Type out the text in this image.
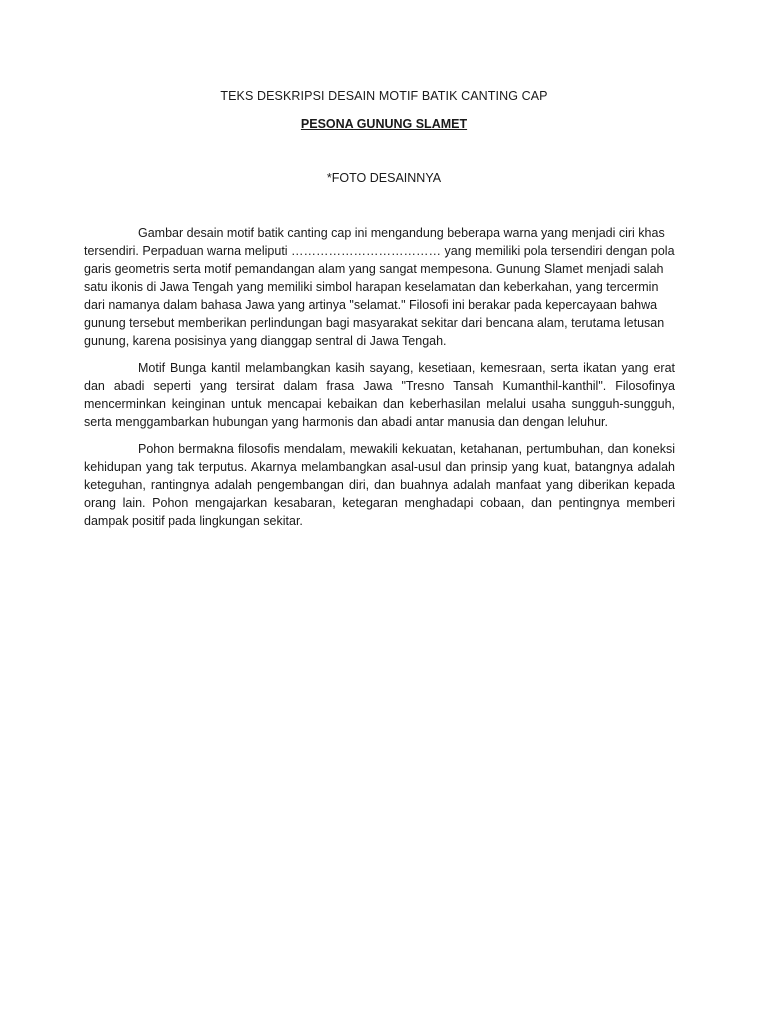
TEKS DESKRIPSI DESAIN MOTIF BATIK CANTING CAP
PESONA GUNUNG SLAMET
*FOTO DESAINNYA

Gambar desain motif batik canting cap ini mengandung beberapa warna yang menjadi ciri khas tersendiri. Perpaduan warna meliputi ……………………………… yang memiliki pola tersendiri dengan pola garis geometris serta motif pemandangan alam yang sangat mempesona. Gunung Slamet menjadi salah satu ikonis di Jawa Tengah yang memiliki simbol harapan keselamatan dan keberkahan, yang tercermin dari namanya dalam bahasa Jawa yang artinya "selamat." Filosofi ini berakar pada kepercayaan bahwa gunung tersebut memberikan perlindungan bagi masyarakat sekitar dari bencana alam, terutama letusan gunung, karena posisinya yang dianggap sentral di Jawa Tengah.

Motif Bunga kantil melambangkan kasih sayang, kesetiaan, kemesraan, serta ikatan yang erat dan abadi seperti yang tersirat dalam frasa Jawa "Tresno Tansah Kumanthil-kanthil". Filosofinya mencerminkan keinginan untuk mencapai kebaikan dan keberhasilan melalui usaha sungguh-sungguh, serta menggambarkan hubungan yang harmonis dan abadi antar manusia dan dengan leluhur.

Pohon bermakna filosofis mendalam, mewakili kekuatan, ketahanan, pertumbuhan, dan koneksi kehidupan yang tak terputus. Akarnya melambangkan asal-usul dan prinsip yang kuat, batangnya adalah keteguhan, rantingnya adalah pengembangan diri, dan buahnya adalah manfaat yang diberikan kepada orang lain. Pohon mengajarkan kesabaran, ketegaran menghadapi cobaan, dan pentingnya memberi dampak positif pada lingkungan sekitar.
